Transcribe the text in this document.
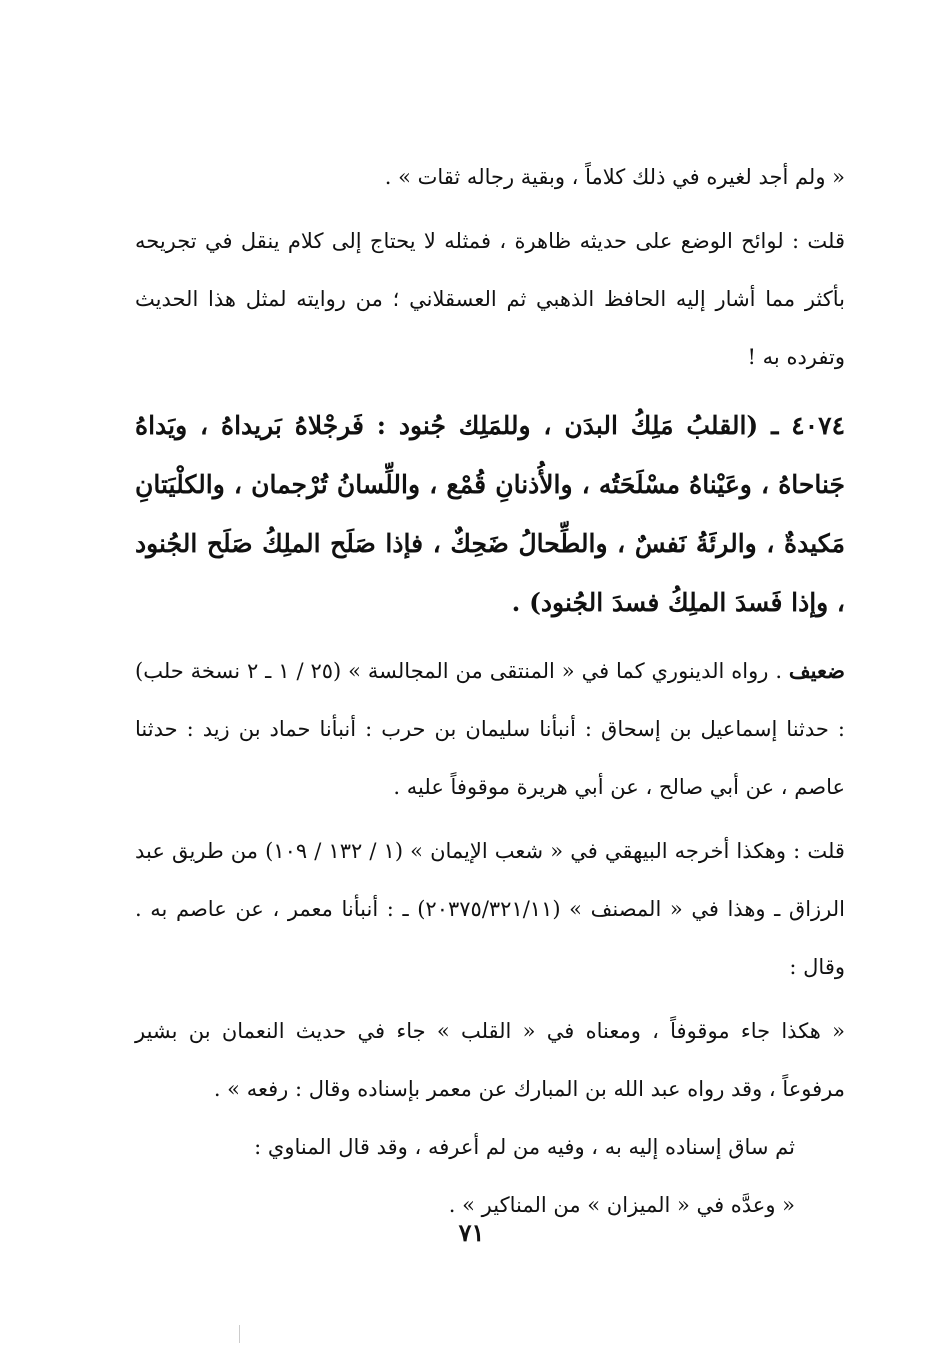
« ولم أجد لغيره في ذلك كلاماً ، وبقية رجاله ثقات » .

قلت : لوائح الوضع على حديثه ظاهرة ، فمثله لا يحتاج إلى كلام ينقل في تجريحه بأكثر مما أشار إليه الحافظ الذهبي ثم العسقلاني ؛ من روايته لمثل هذا الحديث وتفرده به !

٤٠٧٤ ـ (القلبُ مَلِكُ البدَن ، وللمَلِك جُنود : فَرجْلاهُ بَريداهُ ، ويَداهُ جَناحاهُ ، وعَيْناهُ مسْلَحَتُه ، والأُذنانِ قُمْع ، واللِّسانُ تُرْجمان ، والكلْيَتانِ مَكيدةٌ ، والرئَةُ نَفسٌ ، والطِّحالُ ضَحِكٌ ، فإذا صَلَح الملِكُ صَلَح الجُنود ، وإذا فَسدَ الملِكُ فسدَ الجُنود) .

ضعيف . رواه الدينوري كما في « المنتقى من المجالسة » (٢٥ / ١ ـ ٢ نسخة حلب) : حدثنا إسماعيل بن إسحاق : أنبأنا سليمان بن حرب : أنبأنا حماد بن زيد : حدثنا عاصم ، عن أبي صالح ، عن أبي هريرة موقوفاً عليه .

قلت : وهكذا أخرجه البيهقي في « شعب الإيمان » (١ / ١٣٢ / ١٠٩) من طريق عبد الرزاق ـ وهذا في « المصنف » (٢٠٣٧٥/٣٢١/١١) ـ : أنبأنا معمر ، عن عاصم به . وقال :

« هكذا جاء موقوفاً ، ومعناه في « القلب » جاء في حديث النعمان بن بشير مرفوعاً ، وقد رواه عبد الله بن المبارك عن معمر بإسناده وقال : رفعه » .

ثم ساق إسناده إليه به ، وفيه من لم أعرفه ، وقد قال المناوي :

« وعدَّه في « الميزان » من المناكير » .

٧١
